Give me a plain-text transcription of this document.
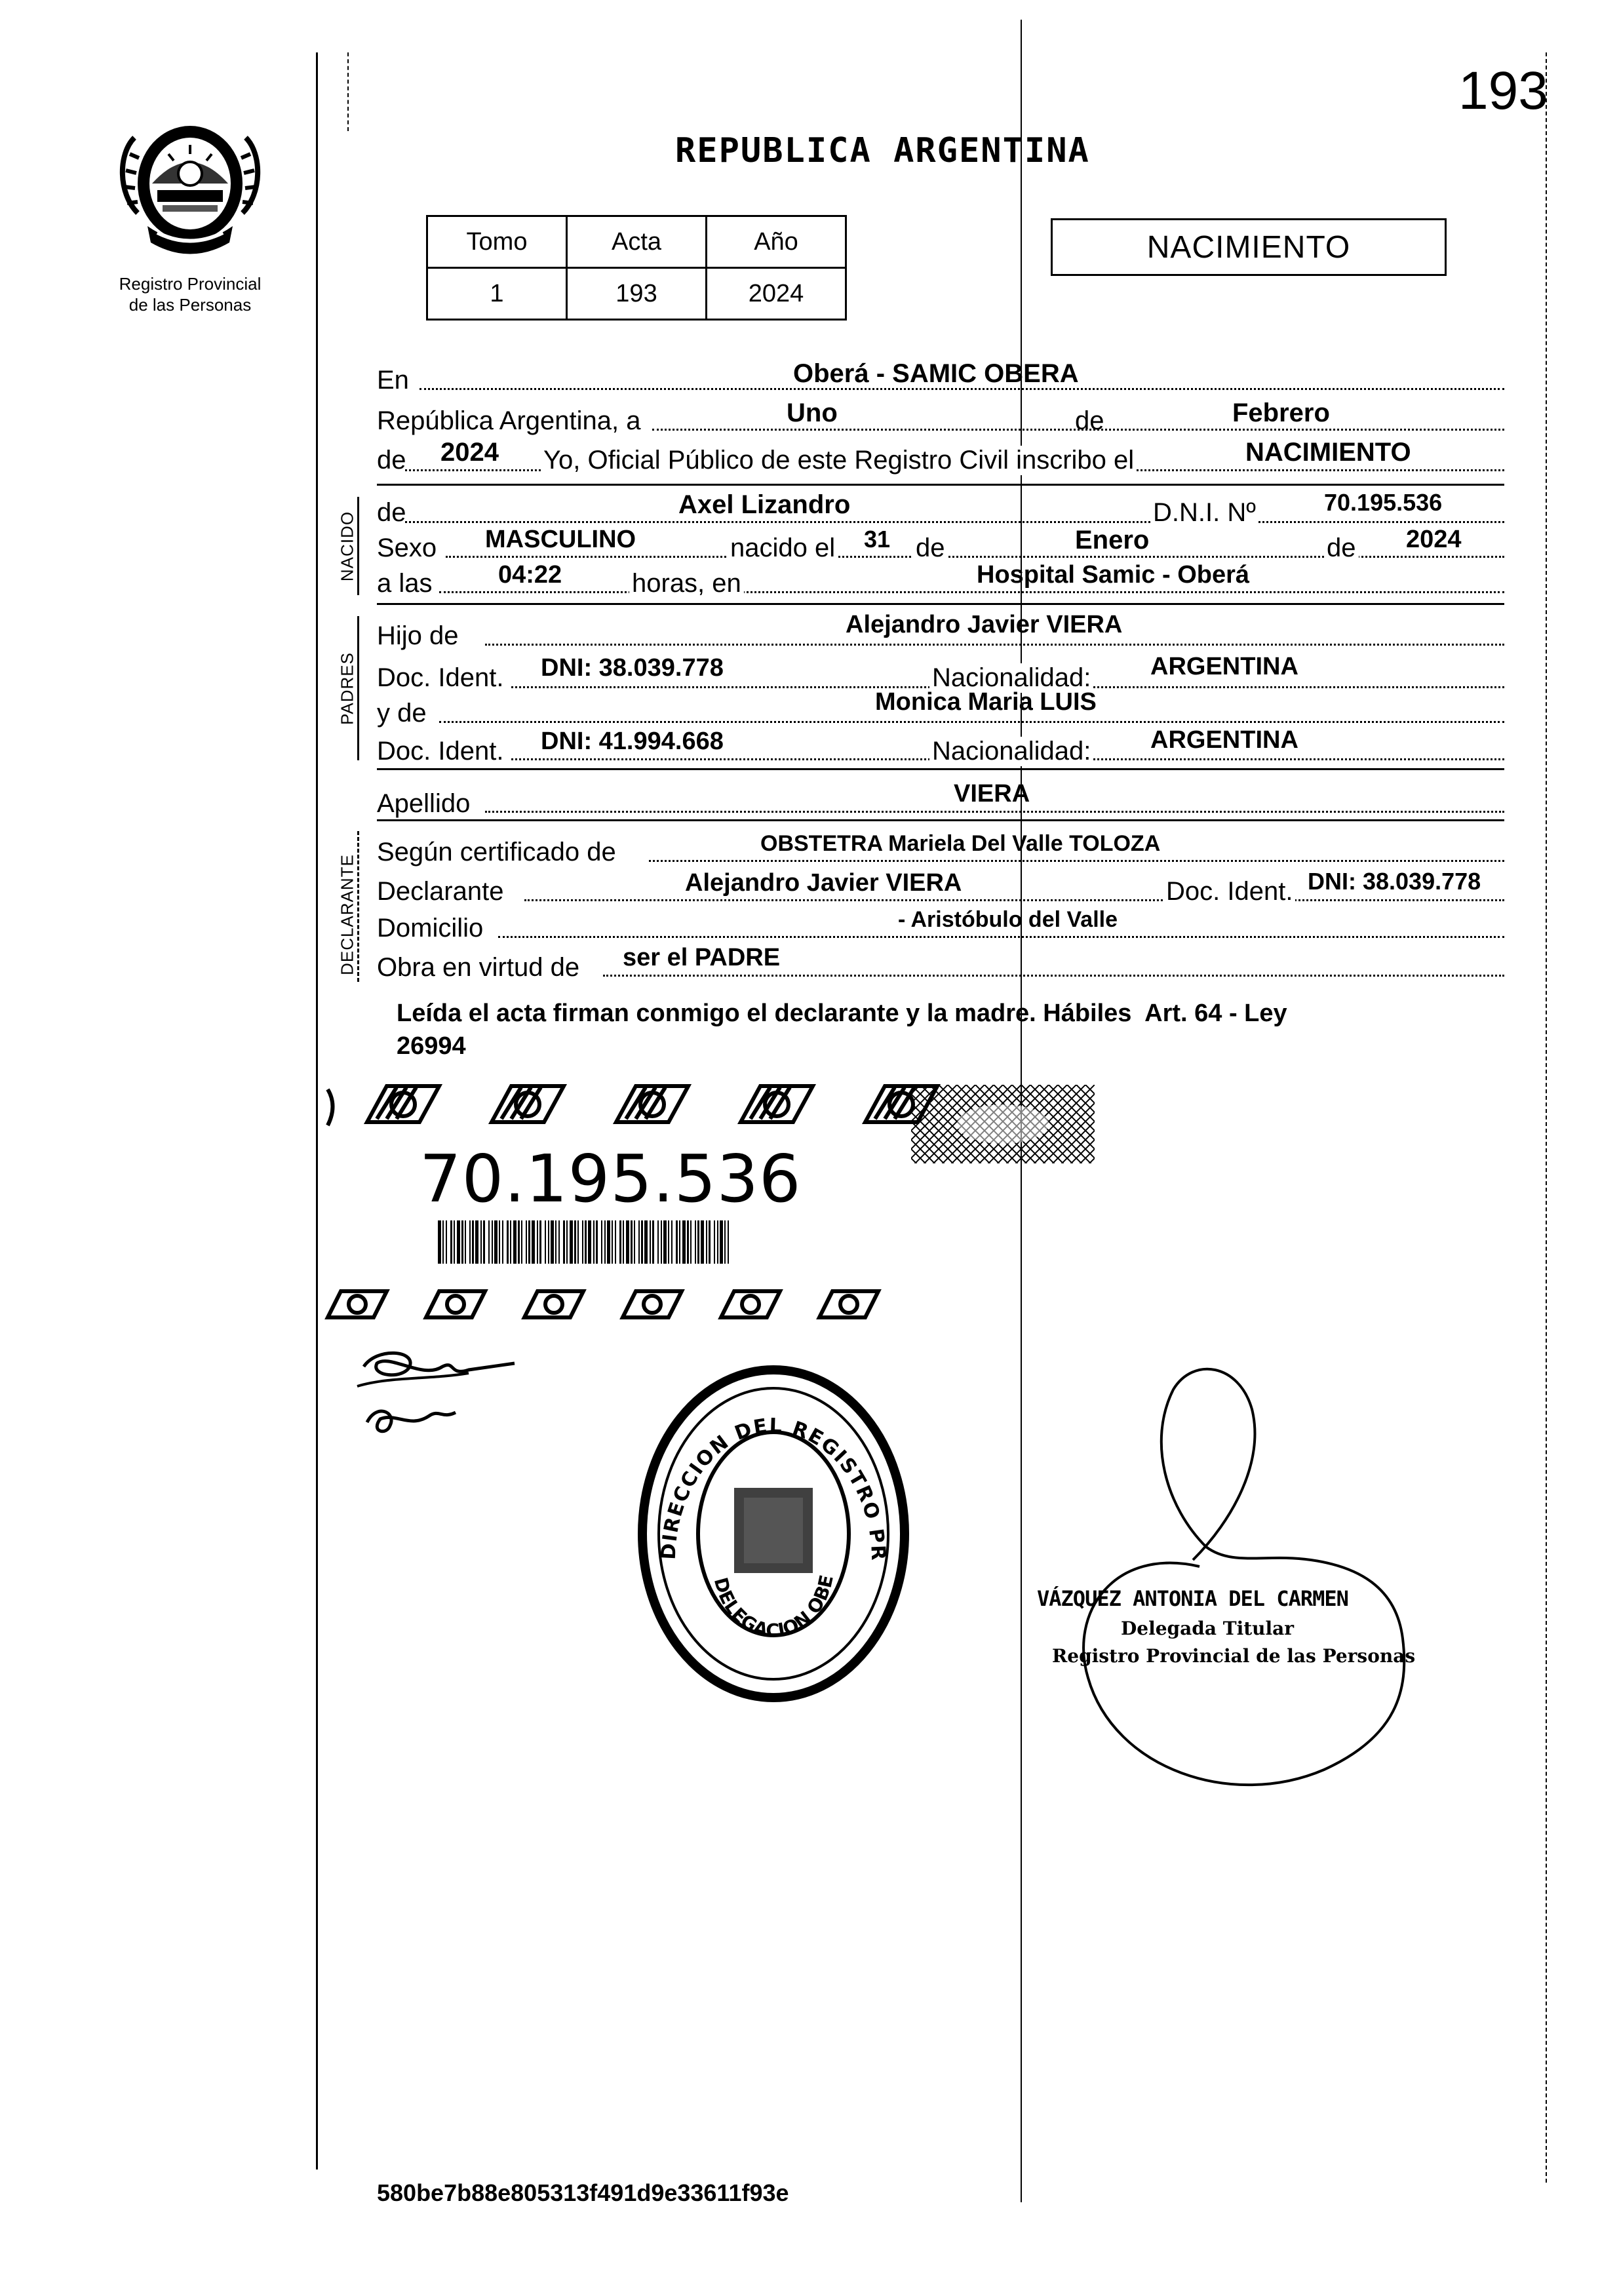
193
Registro Provincial
de las Personas
REPUBLICA ARGENTINA
Tomo	Acta	Año
1	193	2024
NACIMIENTO
NACIDO
PADRES
DECLARANTE
En	Oberá - SAMIC OBERA
República Argentina, a	Uno	de	Febrero
de 2024 Yo, Oficial Público de este Registro Civil inscribo el	NACIMIENTO
de	Axel Lizandro	D.N.I. Nº	70.195.536
Sexo MASCULINO	nacido el 31 de	Enero	de 2024
a las	04:22	horas, en	Hospital Samic - Oberá
Hijo de	Alejandro Javier VIERA
Doc. Ident. DNI: 38.039.778	Nacionalidad: ARGENTINA
y de	Monica Maria LUIS
Doc. Ident. DNI: 41.994.668	Nacionalidad: ARGENTINA
Apellido	VIERA
Según certificado de	OBSTETRA Mariela Del Valle TOLOZA
Declarante	Alejandro Javier VIERA	Doc. Ident. DNI: 38.039.778
Domicilio	- Aristóbulo del Valle
Obra en virtud de ser el PADRE
Leída el acta firman conmigo el declarante y la madre. Hábiles  Art. 64 - Ley
26994
70.195.536
DIRECCION DEL REGISTRO PR
DELEGACION OBE
VÁZQUEZ ANTONIA DEL CARMEN
Delegada Titular
Registro Provincial de las Personas
580be7b88e805313f491d9e33611f93e
